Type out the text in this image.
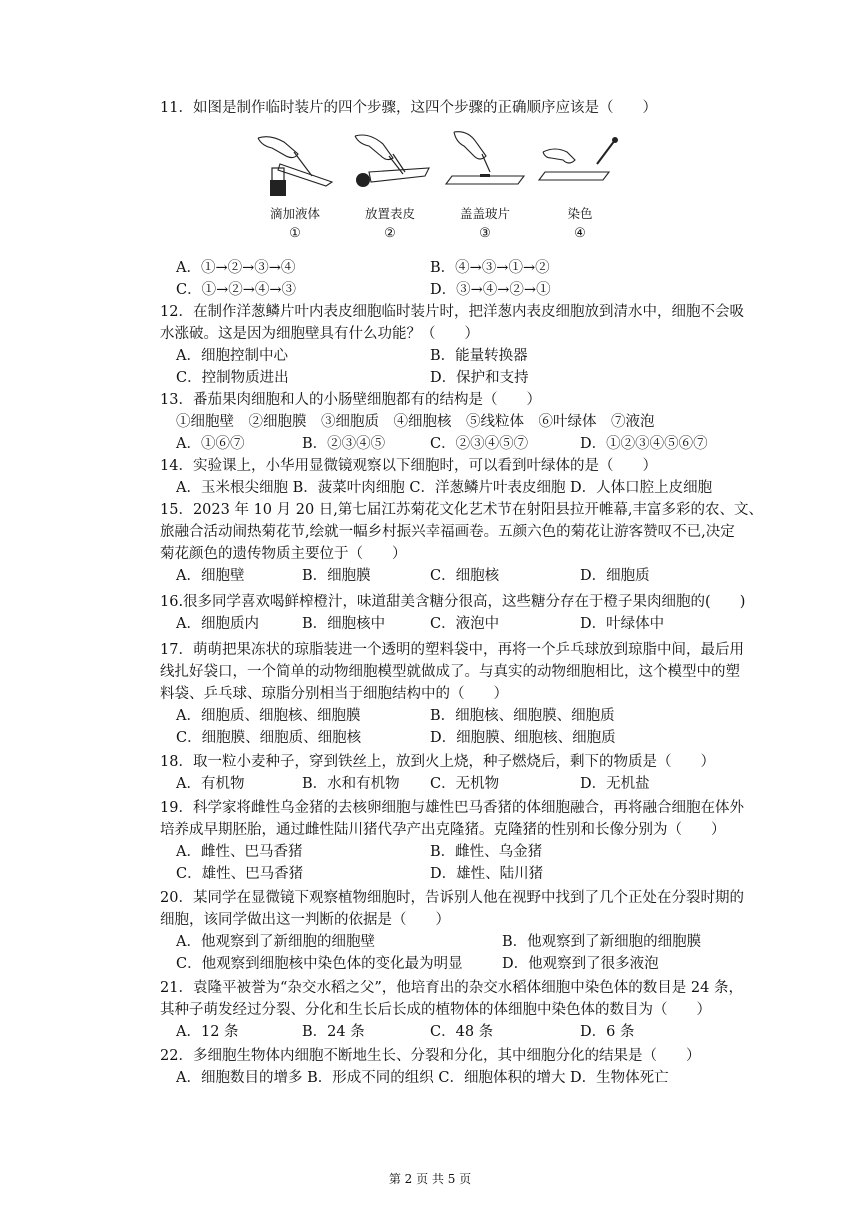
11．如图是制作临时装片的四个步骤，这四个步骤的正确顺序应该是（　　）
滴加液体
①
放置表皮
②
盖盖玻片
③
染色
④
A．①→②→③→④	B．④→③→①→②
C．①→②→④→③	D．③→④→②→①
12．在制作洋葱鳞片叶内表皮细胞临时装片时，把洋葱内表皮细胞放到清水中，细胞不会吸
水涨破。这是因为细胞壁具有什么功能？（　　）
A．细胞控制中心	B．能量转换器
C．控制物质进出	D．保护和支持
13．番茄果肉细胞和人的小肠壁细胞都有的结构是（　　）
①细胞壁　②细胞膜　③细胞质　④细胞核　⑤线粒体　⑥叶绿体　⑦液泡
A．①⑥⑦	B．②③④⑤	C．②③④⑤⑦	D．①②③④⑤⑥⑦
14．实验课上，小华用显微镜观察以下细胞时，可以看到叶绿体的是（　　）
A．玉米根尖细胞 B．菠菜叶肉细胞 C．洋葱鳞片叶表皮细胞 D．人体口腔上皮细胞
15．2023 年 10 月 20 日,第七届江苏菊花文化艺术节在射阳县拉开帷幕,丰富多彩的农、文、
旅融合活动闹热菊花节,绘就一幅乡村振兴幸福画卷。五颜六色的菊花让游客赞叹不已,决定
菊花颜色的遗传物质主要位于（　　）
A．细胞壁	B．细胞膜	C．细胞核	D．细胞质
16.很多同学喜欢喝鲜榨橙汁，味道甜美含糖分很高，这些糖分存在于橙子果肉细胞的(　　)
A．细胞质内	B．细胞核中	C．液泡中	D．叶绿体中
17．萌萌把果冻状的琼脂装进一个透明的塑料袋中，再将一个乒乓球放到琼脂中间，最后用
线扎好袋口，一个简单的动物细胞模型就做成了。与真实的动物细胞相比，这个模型中的塑
料袋、乒乓球、琼脂分别相当于细胞结构中的（　　）
A．细胞质、细胞核、细胞膜	B．细胞核、细胞膜、细胞质
C．细胞膜、细胞质、细胞核	D．细胞膜、细胞核、细胞质
18．取一粒小麦种子，穿到铁丝上，放到火上烧，种子燃烧后，剩下的物质是（　　）
A．有机物	B．水和有机物 C．无机物	D．无机盐
19．科学家将雌性乌金猪的去核卵细胞与雄性巴马香猪的体细胞融合，再将融合细胞在体外
培养成早期胚胎，通过雌性陆川猪代孕产出克隆猪。克隆猪的性别和长像分别为（　　）
A．雌性、巴马香猪	B．雌性、乌金猪
C．雄性、巴马香猪	D．雄性、陆川猪
20．某同学在显微镜下观察植物细胞时，告诉别人他在视野中找到了几个正处在分裂时期的
细胞，该同学做出这一判断的依据是（　　）
A．他观察到了新细胞的细胞壁	B．他观察到了新细胞的细胞膜
C．他观察到细胞核中染色体的变化最为明显	D．他观察到了很多液泡
21．袁隆平被誉为“杂交水稻之父”，他培育出的杂交水稻体细胞中染色体的数目是 24 条，
其种子萌发经过分裂、分化和生长后长成的植物体的体细胞中染色体的数目为（　　）
A．12 条	B．24 条	C．48 条	D．6 条
22．多细胞生物体内细胞不断地生长、分裂和分化，其中细胞分化的结果是（　　）
A．细胞数目的增多 B．形成不同的组织 C．细胞体积的增大 D．生物体死亡
第 2 页 共 5 页
